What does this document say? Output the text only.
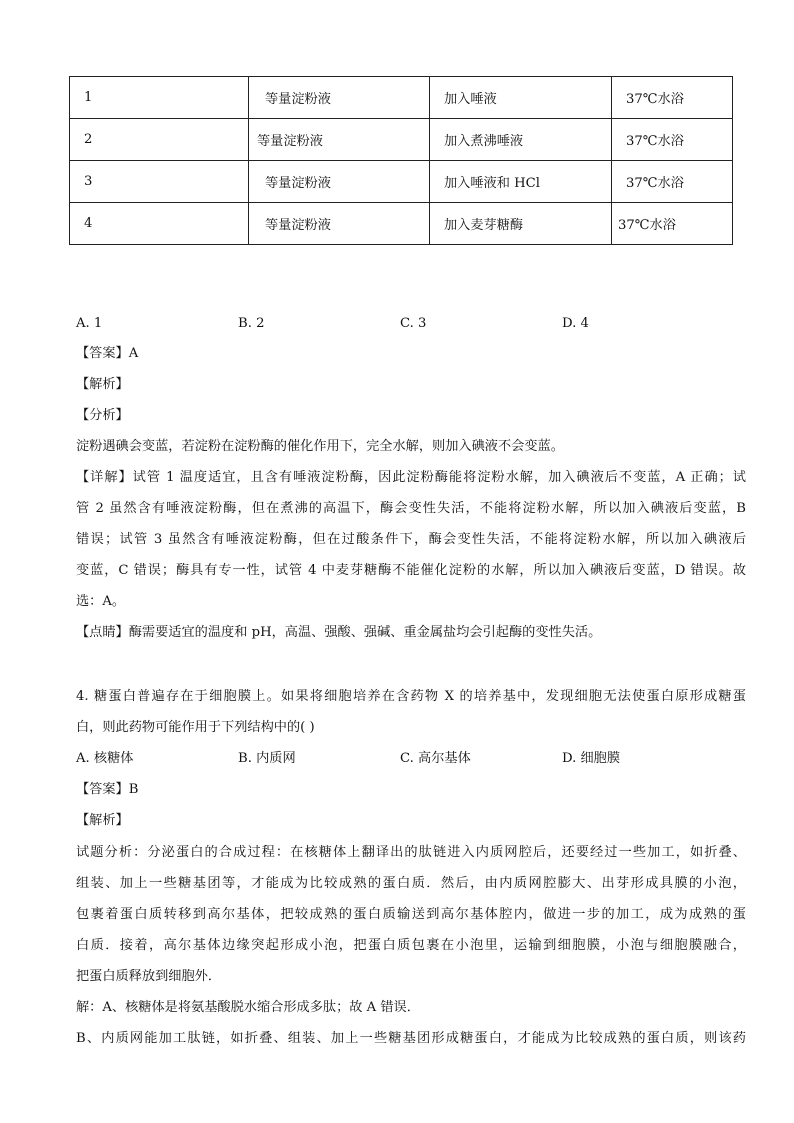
1	等量淀粉液	加入唾液	37℃水浴
2	等量淀粉液	加入煮沸唾液	37℃水浴
3	等量淀粉液	加入唾液和 HCl	37℃水浴
4	等量淀粉液	加入麦芽糖酶	37℃水浴
A. 1	B. 2	C. 3	D. 4
【答案】A
【解析】
【分析】
淀粉遇碘会变蓝，若淀粉在淀粉酶的催化作用下，完全水解，则加入碘液不会变蓝。
【详解】试管 1 温度适宜，且含有唾液淀粉酶，因此淀粉酶能将淀粉水解，加入碘液后不变蓝，A 正确；试
管 2 虽然含有唾液淀粉酶，但在煮沸的高温下，酶会变性失活，不能将淀粉水解，所以加入碘液后变蓝，B
错误；试管 3 虽然含有唾液淀粉酶，但在过酸条件下，酶会变性失活，不能将淀粉水解，所以加入碘液后
变蓝，C 错误；酶具有专一性，试管 4 中麦芽糖酶不能催化淀粉的水解，所以加入碘液后变蓝，D 错误。故
选：A。
【点睛】酶需要适宜的温度和 pH，高温、强酸、强碱、重金属盐均会引起酶的变性失活。
4. 糖蛋白普遍存在于细胞膜上。如果将细胞培养在含药物 X 的培养基中，发现细胞无法使蛋白原形成糖蛋
白，则此药物可能作用于下列结构中的( )
A. 核糖体	B. 内质网	C. 高尔基体	D. 细胞膜
【答案】B
【解析】
试题分析：分泌蛋白的合成过程：在核糖体上翻译出的肽链进入内质网腔后，还要经过一些加工，如折叠、
组装、加上一些糖基团等，才能成为比较成熟的蛋白质．然后，由内质网腔膨大、出芽形成具膜的小泡，
包裹着蛋白质转移到高尔基体，把较成熟的蛋白质输送到高尔基体腔内，做进一步的加工，成为成熟的蛋
白质．接着，高尔基体边缘突起形成小泡，把蛋白质包裹在小泡里，运输到细胞膜，小泡与细胞膜融合，
把蛋白质释放到细胞外．
解：A、核糖体是将氨基酸脱水缩合形成多肽；故 A 错误．
B、内质网能加工肽链，如折叠、组装、加上一些糖基团形成糖蛋白，才能成为比较成熟的蛋白质，则该药
